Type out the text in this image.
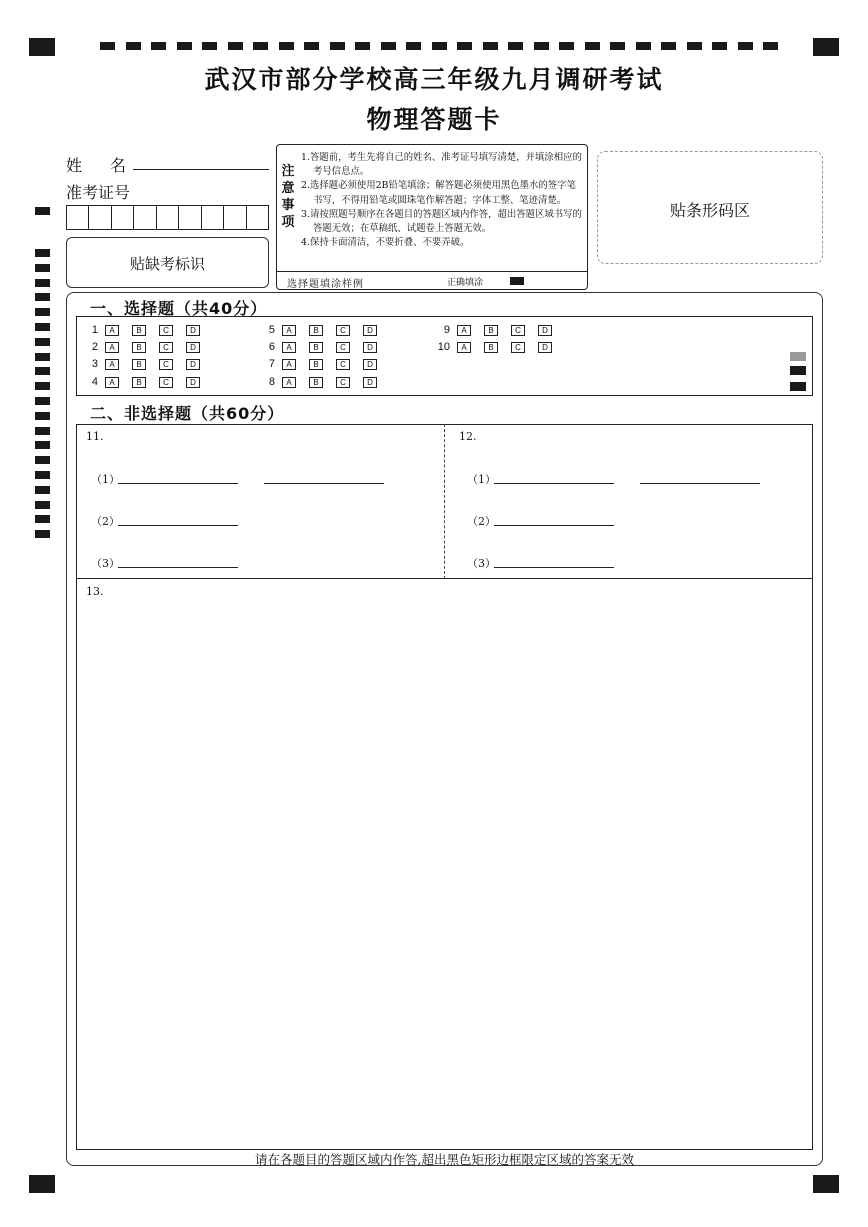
武汉市部分学校高三年级九月调研考试
物理答题卡
姓　名
准考证号
贴缺考标识
注
意
事
项
1.答题前，考生先将自己的姓名、准考证号填写清楚，并填涂相应的考号信息点。
2.选择题必须使用2B铅笔填涂；解答题必须使用黑色墨水的签字笔书写，不得用铅笔或圆珠笔作解答题；字体工整、笔迹清楚。
3.请按照题号顺序在各题目的答题区域内作答，超出答题区域书写的答题无效；在草稿纸、试题卷上答题无效。
4.保持卡面清洁，不要折叠、不要弄破。
选择题填涂样例	正确填涂
贴条形码区
一、选择题（共40分）
1	A	B	C	D
2	A	B	C	D
3	A	B	C	D
4	A	B	C	D
5	A	B	C	D
6	A	B	C	D
7	A	B	C	D
8	A	B	C	D
9	A	B	C	D
10	A	B	C	D
二、非选择题（共60分）
11.
（1）
（2）
（3）
12.
（1）
（2）
（3）
13.
请在各题目的答题区域内作答,超出黑色矩形边框限定区域的答案无效
